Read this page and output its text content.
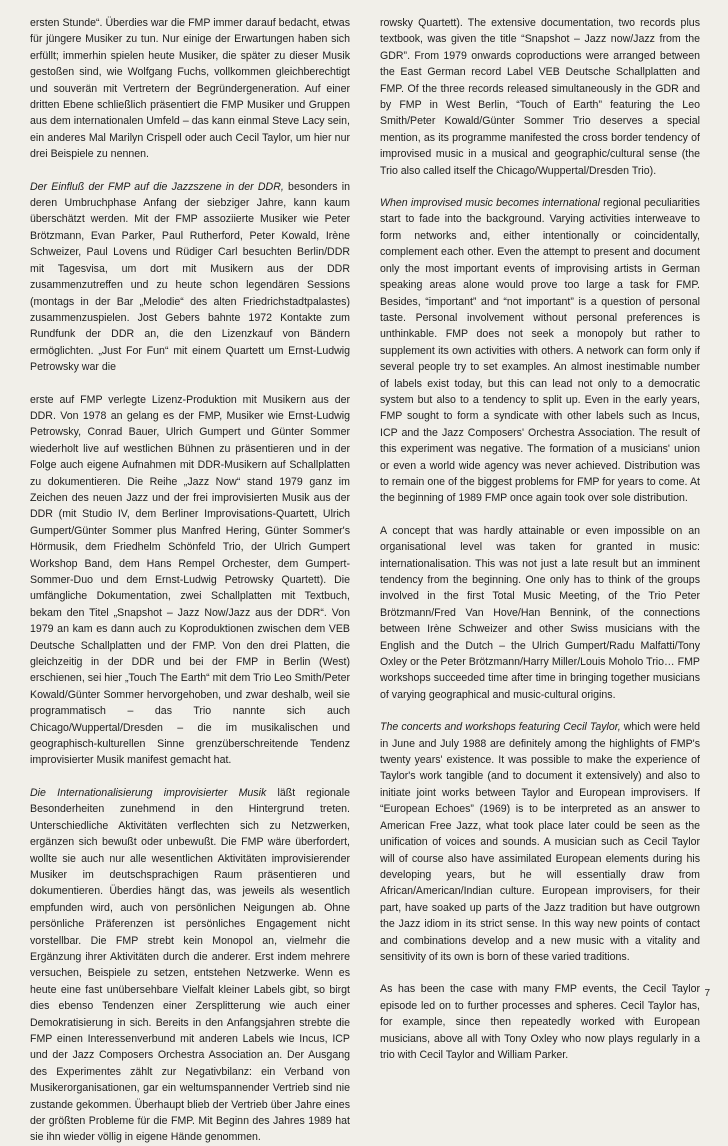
ersten Stunde“. Überdies war die FMP immer darauf bedacht, etwas für jüngere Musiker zu tun. Nur einige der Erwartungen haben sich erfüllt; immerhin spielen heute Musiker, die später zu dieser Musik gestoßen sind, wie Wolfgang Fuchs, vollkommen gleichberechtigt und souverän mit Vertretern der Begründergeneration. Auf einer dritten Ebene schließlich präsentiert die FMP Musiker und Gruppen aus dem internationalen Umfeld – das kann einmal Steve Lacy sein, ein anderes Mal Marilyn Crispell oder auch Cecil Taylor, um hier nur drei Beispiele zu nennen.

Der Einfluß der FMP auf die Jazzszene in der DDR, besonders in deren Umbruchphase Anfang der siebziger Jahre, kann kaum überschätzt werden. Mit der FMP assoziierte Musiker wie Peter Brötzmann, Evan Parker, Paul Rutherford, Peter Kowald, Irène Schweizer, Paul Lovens und Rüdiger Carl besuchten Berlin/DDR mit Tagesvisa, um dort mit Musikern aus der DDR zusammenzutreffen und zu heute schon legendären Sessions (montags in der Bar „Melodie“ des alten Friedrichstadtpalastes) zusammenzuspielen. Jost Gebers bahnte 1972 Kontakte zum Rundfunk der DDR an, die den Lizenzkauf von Bändern ermöglichten. „Just For Fun“ mit einem Quartett um Ernst-Ludwig Petrowsky war die

erste auf FMP verlegte Lizenz-Produktion mit Musikern aus der DDR. Von 1978 an gelang es der FMP, Musiker wie Ernst-Ludwig Petrowsky, Conrad Bauer, Ulrich Gumpert und Günter Sommer wiederholt live auf westlichen Bühnen zu präsentieren und in der Folge auch eigene Aufnahmen mit DDR-Musikern auf Schallplatten zu dokumentieren. Die Reihe „Jazz Now“ stand 1979 ganz im Zeichen des neuen Jazz und der frei improvisierten Musik aus der DDR (mit Studio IV, dem Berliner Improvisations-Quartett, Ulrich Gumpert/Günter Sommer plus Manfred Hering, Günter Sommer's Hörmusik, dem Friedhelm Schönfeld Trio, der Ulrich Gumpert Workshop Band, dem Hans Rempel Orchester, dem Gumpert-Sommer-Duo und dem Ernst-Ludwig Petrowsky Quartett). Die umfängliche Dokumentation, zwei Schallplatten mit Textbuch, bekam den Titel „Snapshot – Jazz Now/Jazz aus der DDR“. Von 1979 an kam es dann auch zu Koproduktionen zwischen dem VEB Deutsche Schallplatten und der FMP. Von den drei Platten, die gleichzeitig in der DDR und bei der FMP in Berlin (West) erschienen, sei hier „Touch The Earth“ mit dem Trio Leo Smith/Peter Kowald/Günter Sommer hervorgehoben, und zwar deshalb, weil sie programmatisch – das Trio nannte sich auch Chicago/Wuppertal/Dresden – die im musikalischen und geographisch-kulturellen Sinne grenzüberschreitende Tendenz improvisierter Musik manifest gemacht hat.

Die Internationalisierung improvisierter Musik läßt regionale Besonderheiten zunehmend in den Hintergrund treten. Unterschiedliche Aktivitäten verflechten sich zu Netzwerken, ergänzen sich bewußt oder unbewußt. Die FMP wäre überfordert, wollte sie auch nur alle wesentlichen Aktivitäten improvisierender Musiker im deutschsprachigen Raum präsentieren und dokumentieren. Überdies hängt das, was jeweils als wesentlich empfunden wird, auch von persönlichen Neigungen ab. Ohne persönliche Präferenzen ist persönliches Engagement nicht vorstellbar. Die FMP strebt kein Monopol an, vielmehr die Ergänzung ihrer Aktivitäten durch die anderer. Erst indem mehrere versuchen, Beispiele zu setzen, entstehen Netzwerke. Wenn es heute eine fast unübersehbare Vielfalt kleiner Labels gibt, so birgt dies ebenso Tendenzen einer Zersplitterung wie auch einer Demokratisierung in sich. Bereits in den Anfangsjahren strebte die FMP einen Interessenverbund mit anderen Labels wie Incus, ICP und der Jazz Composers Orchestra Association an. Der Ausgang des Experimentes zählt zur Negativbilanz: ein Verband von Musikerorganisationen, gar ein weltumspannender Vertrieb sind nie zustande gekommen. Überhaupt blieb der Vertrieb über Jahre eines der größten Probleme für die FMP. Mit Beginn des Jahres 1989 hat sie ihn wieder völlig in eigene Hände genommen.

rowsky Quartett). The extensive documentation, two records plus textbook, was given the title “Snapshot – Jazz now/Jazz from the GDR”. From 1979 onwards coproductions were arranged between the East German record Label VEB Deutsche Schallplatten and FMP. Of the three records released simultaneously in the GDR and by FMP in West Berlin, “Touch of Earth” featuring the Leo Smith/Peter Kowald/Günter Sommer Trio deserves a special mention, as its programme manifested the cross border tendency of improvised music in a musical and geographic/cultural sense (the Trio also called itself the Chicago/Wuppertal/Dresden Trio).

When improvised music becomes international regional peculiarities start to fade into the background. Varying activities interweave to form networks and, either intentionally or coincidentally, complement each other. Even the attempt to present and document only the most important events of improvising artists in German speaking areas alone would prove too large a task for FMP. Besides, “important” and “not important” is a question of personal taste. Personal involvement without personal preferences is unthinkable. FMP does not seek a monopoly but rather to supplement its own activities with others. A network can form only if several people try to set examples. An almost inestimable number of labels exist today, but this can lead not only to a democratic system but also to a tendency to split up. Even in the early years, FMP sought to form a syndicate with other labels such as Incus, ICP and the Jazz Composers' Orchestra Association. The result of this experiment was negative. The formation of a musicians' union or even a world wide agency was never achieved. Distribution was to remain one of the biggest problems for FMP for years to come. At the beginning of 1989 FMP once again took over sole distribution.

A concept that was hardly attainable or even impossible on an organisational level was taken for granted in music: internationalisation. This was not just a late result but an imminent tendency from the beginning. One only has to think of the groups involved in the first Total Music Meeting, of the Trio Peter Brötzmann/Fred Van Hove/Han Bennink, of the connections between Irène Schweizer and other Swiss musicians with the English and the Dutch – the Ulrich Gumpert/Radu Malfatti/Tony Oxley or the Peter Brötzmann/Harry Miller/Louis Moholo Trio… FMP workshops succeeded time after time in bringing together musicians of varying geographical and music-cultural origins.

The concerts and workshops featuring Cecil Taylor, which were held in June and July 1988 are definitely among the highlights of FMP's twenty years' existence. It was possible to make the experience of Taylor's work tangible (and to document it extensively) and also to initiate joint works between Taylor and European improvisers. If “European Echoes” (1969) is to be interpreted as an answer to American Free Jazz, what took place later could be seen as the unification of voices and sounds. A musician such as Cecil Taylor will of course also have assimilated European elements during his developing years, but he will essentially draw from African/American/Indian culture. European improvisers, for their part, have soaked up parts of the Jazz tradition but have outgrown the Jazz idiom in its strict sense. In this way new points of contact and combinations develop and a new music with a vitality and sensitivity of its own is born of these varied traditions.

As has been the case with many FMP events, the Cecil Taylor episode led on to further processes and spheres. Cecil Taylor has, for example, since then repeatedly worked with European musicians, above all with Tony Oxley who now plays regularly in a trio with Cecil Taylor and William Parker.

7
